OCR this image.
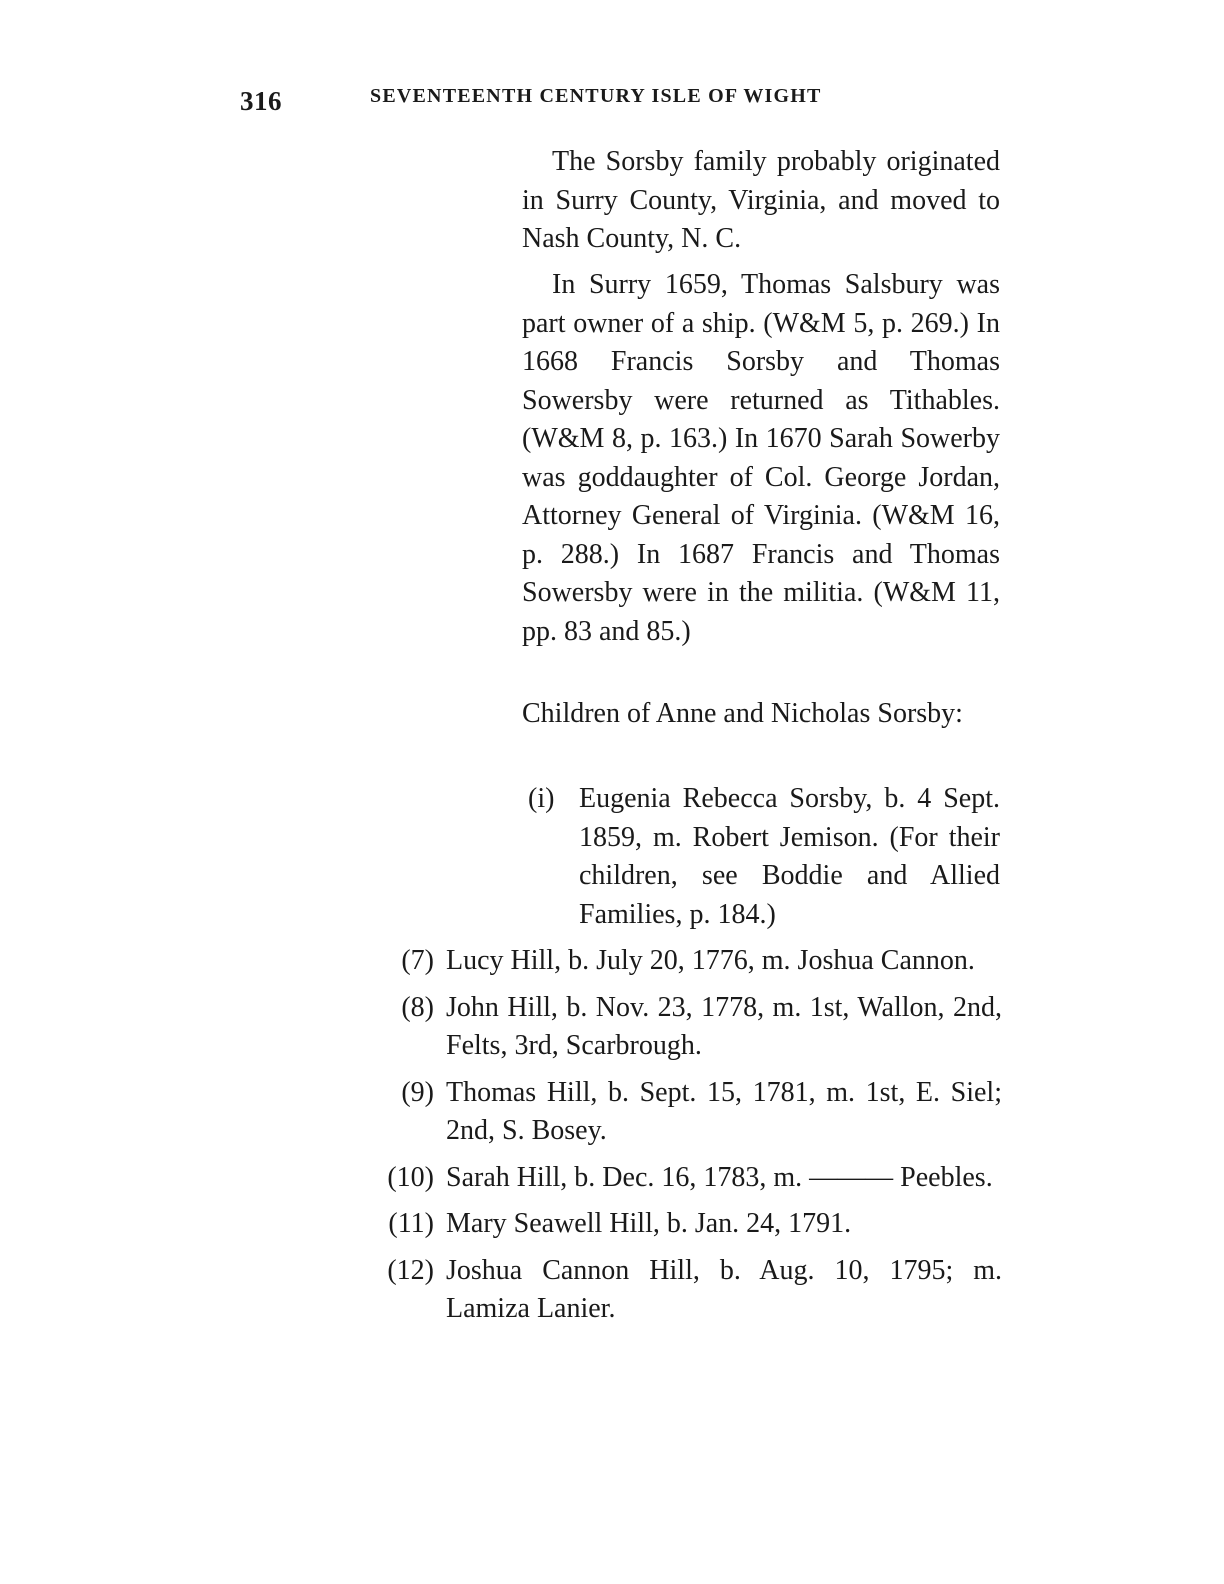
316	SEVENTEENTH CENTURY ISLE OF WIGHT

The Sorsby family probably originated in Surry County, Virginia, and moved to Nash County, N. C.

In Surry 1659, Thomas Salsbury was part owner of a ship. (W&M 5, p. 269.) In 1668 Francis Sorsby and Thomas Sowersby were returned as Tithables. (W&M 8, p. 163.) In 1670 Sarah Sowerby was goddaughter of Col. George Jordan, Attorney General of Virginia. (W&M 16, p. 288.) In 1687 Francis and Thomas Sowersby were in the militia. (W&M 11, pp. 83 and 85.)

Children of Anne and Nicholas Sorsby:

(i) Eugenia Rebecca Sorsby, b. 4 Sept. 1859, m. Robert Jemison. (For their children, see Boddie and Allied Families, p. 184.)
(7) Lucy Hill, b. July 20, 1776, m. Joshua Cannon.
(8) John Hill, b. Nov. 23, 1778, m. 1st, Wallon, 2nd, Felts, 3rd, Scarbrough.
(9) Thomas Hill, b. Sept. 15, 1781, m. 1st, E. Siel; 2nd, S. Bosey.
(10) Sarah Hill, b. Dec. 16, 1783, m. ——— Peebles.
(11) Mary Seawell Hill, b. Jan. 24, 1791.
(12) Joshua Cannon Hill, b. Aug. 10, 1795; m. Lamiza Lanier.
